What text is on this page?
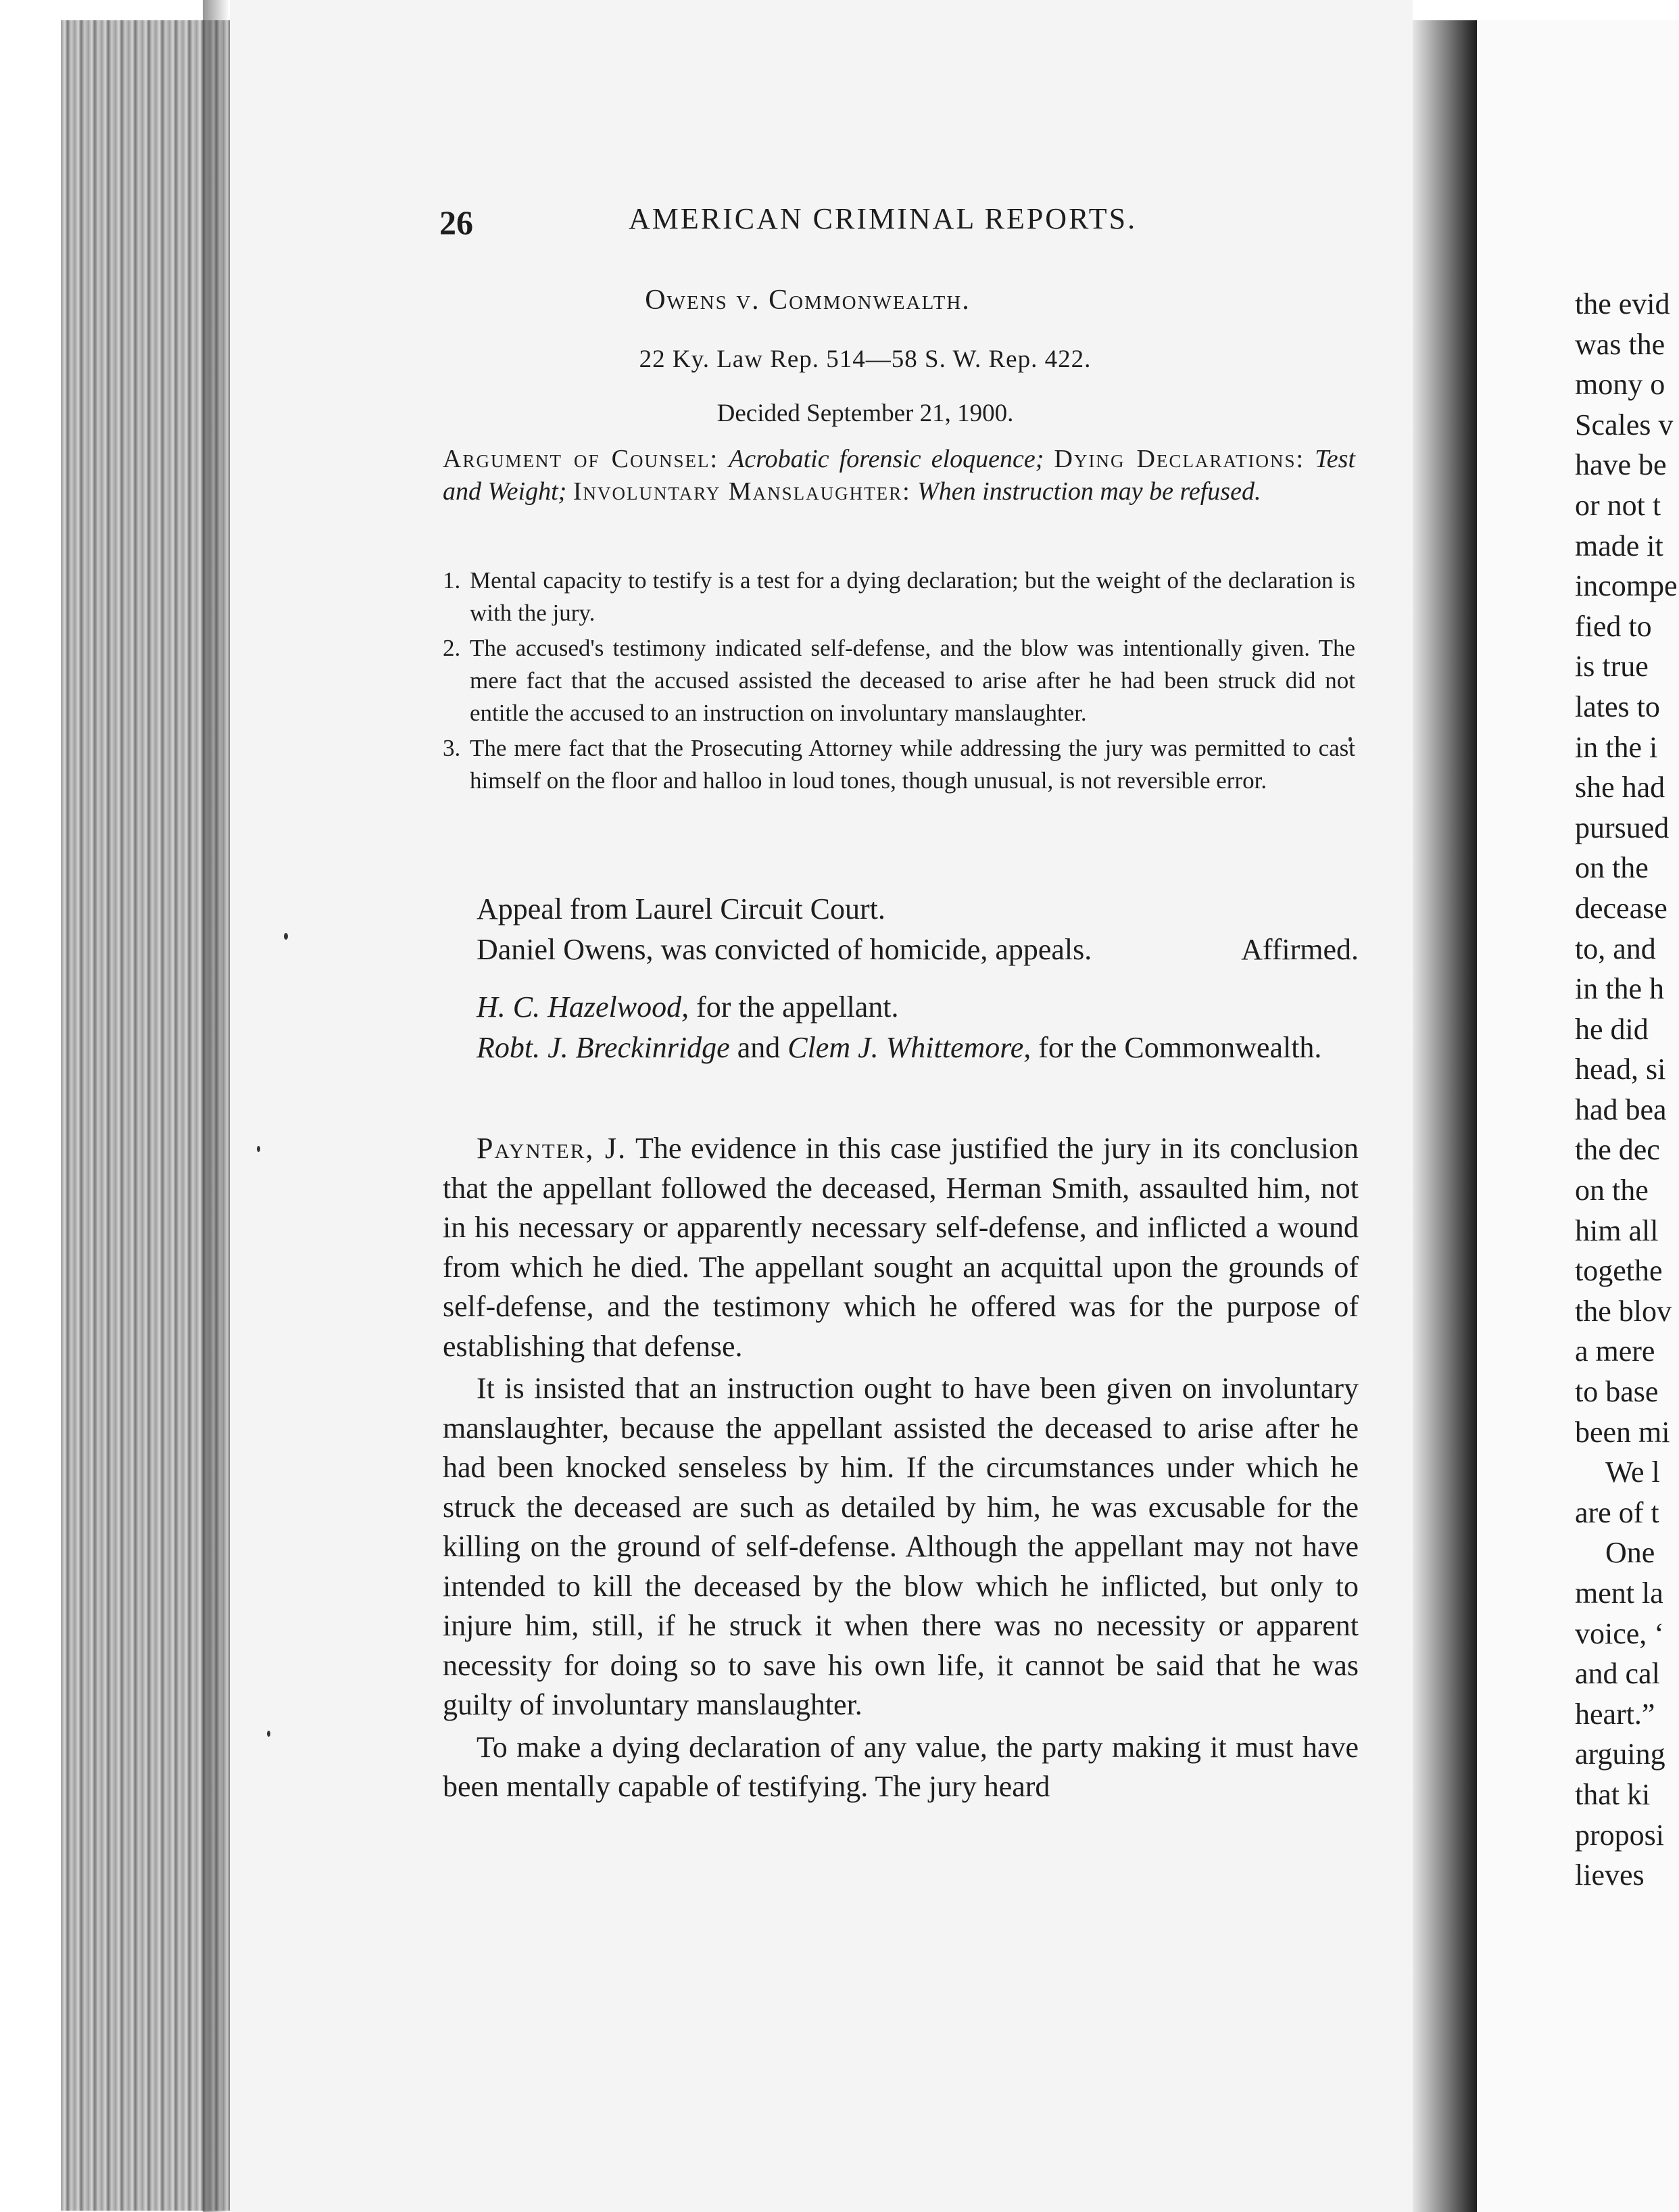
26	AMERICAN CRIMINAL REPORTS.
Owens v. Commonwealth.
22 Ky. Law Rep. 514—58 S. W. Rep. 422.
Decided September 21, 1900.
Argument of Counsel: Acrobatic forensic eloquence; Dying Declarations: Test and Weight; Involuntary Manslaughter: When instruction may be refused.
1. Mental capacity to testify is a test for a dying declaration; but the weight of the declaration is with the jury.
2. The accused's testimony indicated self-defense, and the blow was intentionally given. The mere fact that the accused assisted the deceased to arise after he had been struck did not entitle the accused to an instruction on involuntary manslaughter.
3. The mere fact that the Prosecuting Attorney while addressing the jury was permitted to cast himself on the floor and halloo in loud tones, though unusual, is not reversible error.
Appeal from Laurel Circuit Court.
Daniel Owens, was convicted of homicide, appeals.	Affirmed.

H. C. Hazelwood, for the appellant.

Robt. J. Breckinridge and Clem J. Whittemore, for the Commonwealth.

Paynter, J. The evidence in this case justified the jury in its conclusion that the appellant followed the deceased, Herman Smith, assaulted him, not in his necessary or apparently necessary self-defense, and inflicted a wound from which he died. The appellant sought an acquittal upon the grounds of self-defense, and the testimony which he offered was for the purpose of establishing that defense.

It is insisted that an instruction ought to have been given on involuntary manslaughter, because the appellant assisted the deceased to arise after he had been knocked senseless by him. If the circumstances under which he struck the deceased are such as detailed by him, he was excusable for the killing on the ground of self-defense. Although the appellant may not have intended to kill the deceased by the blow which he inflicted, but only to injure him, still, if he struck it when there was no necessity or apparent necessity for doing so to save his own life, it cannot be said that he was guilty of involuntary manslaughter.

To make a dying declaration of any value, the party making it must have been mentally capable of testifying. The jury heard

the evid
was the
mony o
Scales v
have be
or not t
made it
incompe
fied to
is true
lates to
in the i
she had
pursued
on the
decease
to, and
in the h
he did
head, si
had bea
the dec
on the
him all
togethe
the blov
a mere
to base
been mi
We l
are of t
One
ment la
voice, ‘
and cal
heart.”
arguing
that ki
proposi
lieves
